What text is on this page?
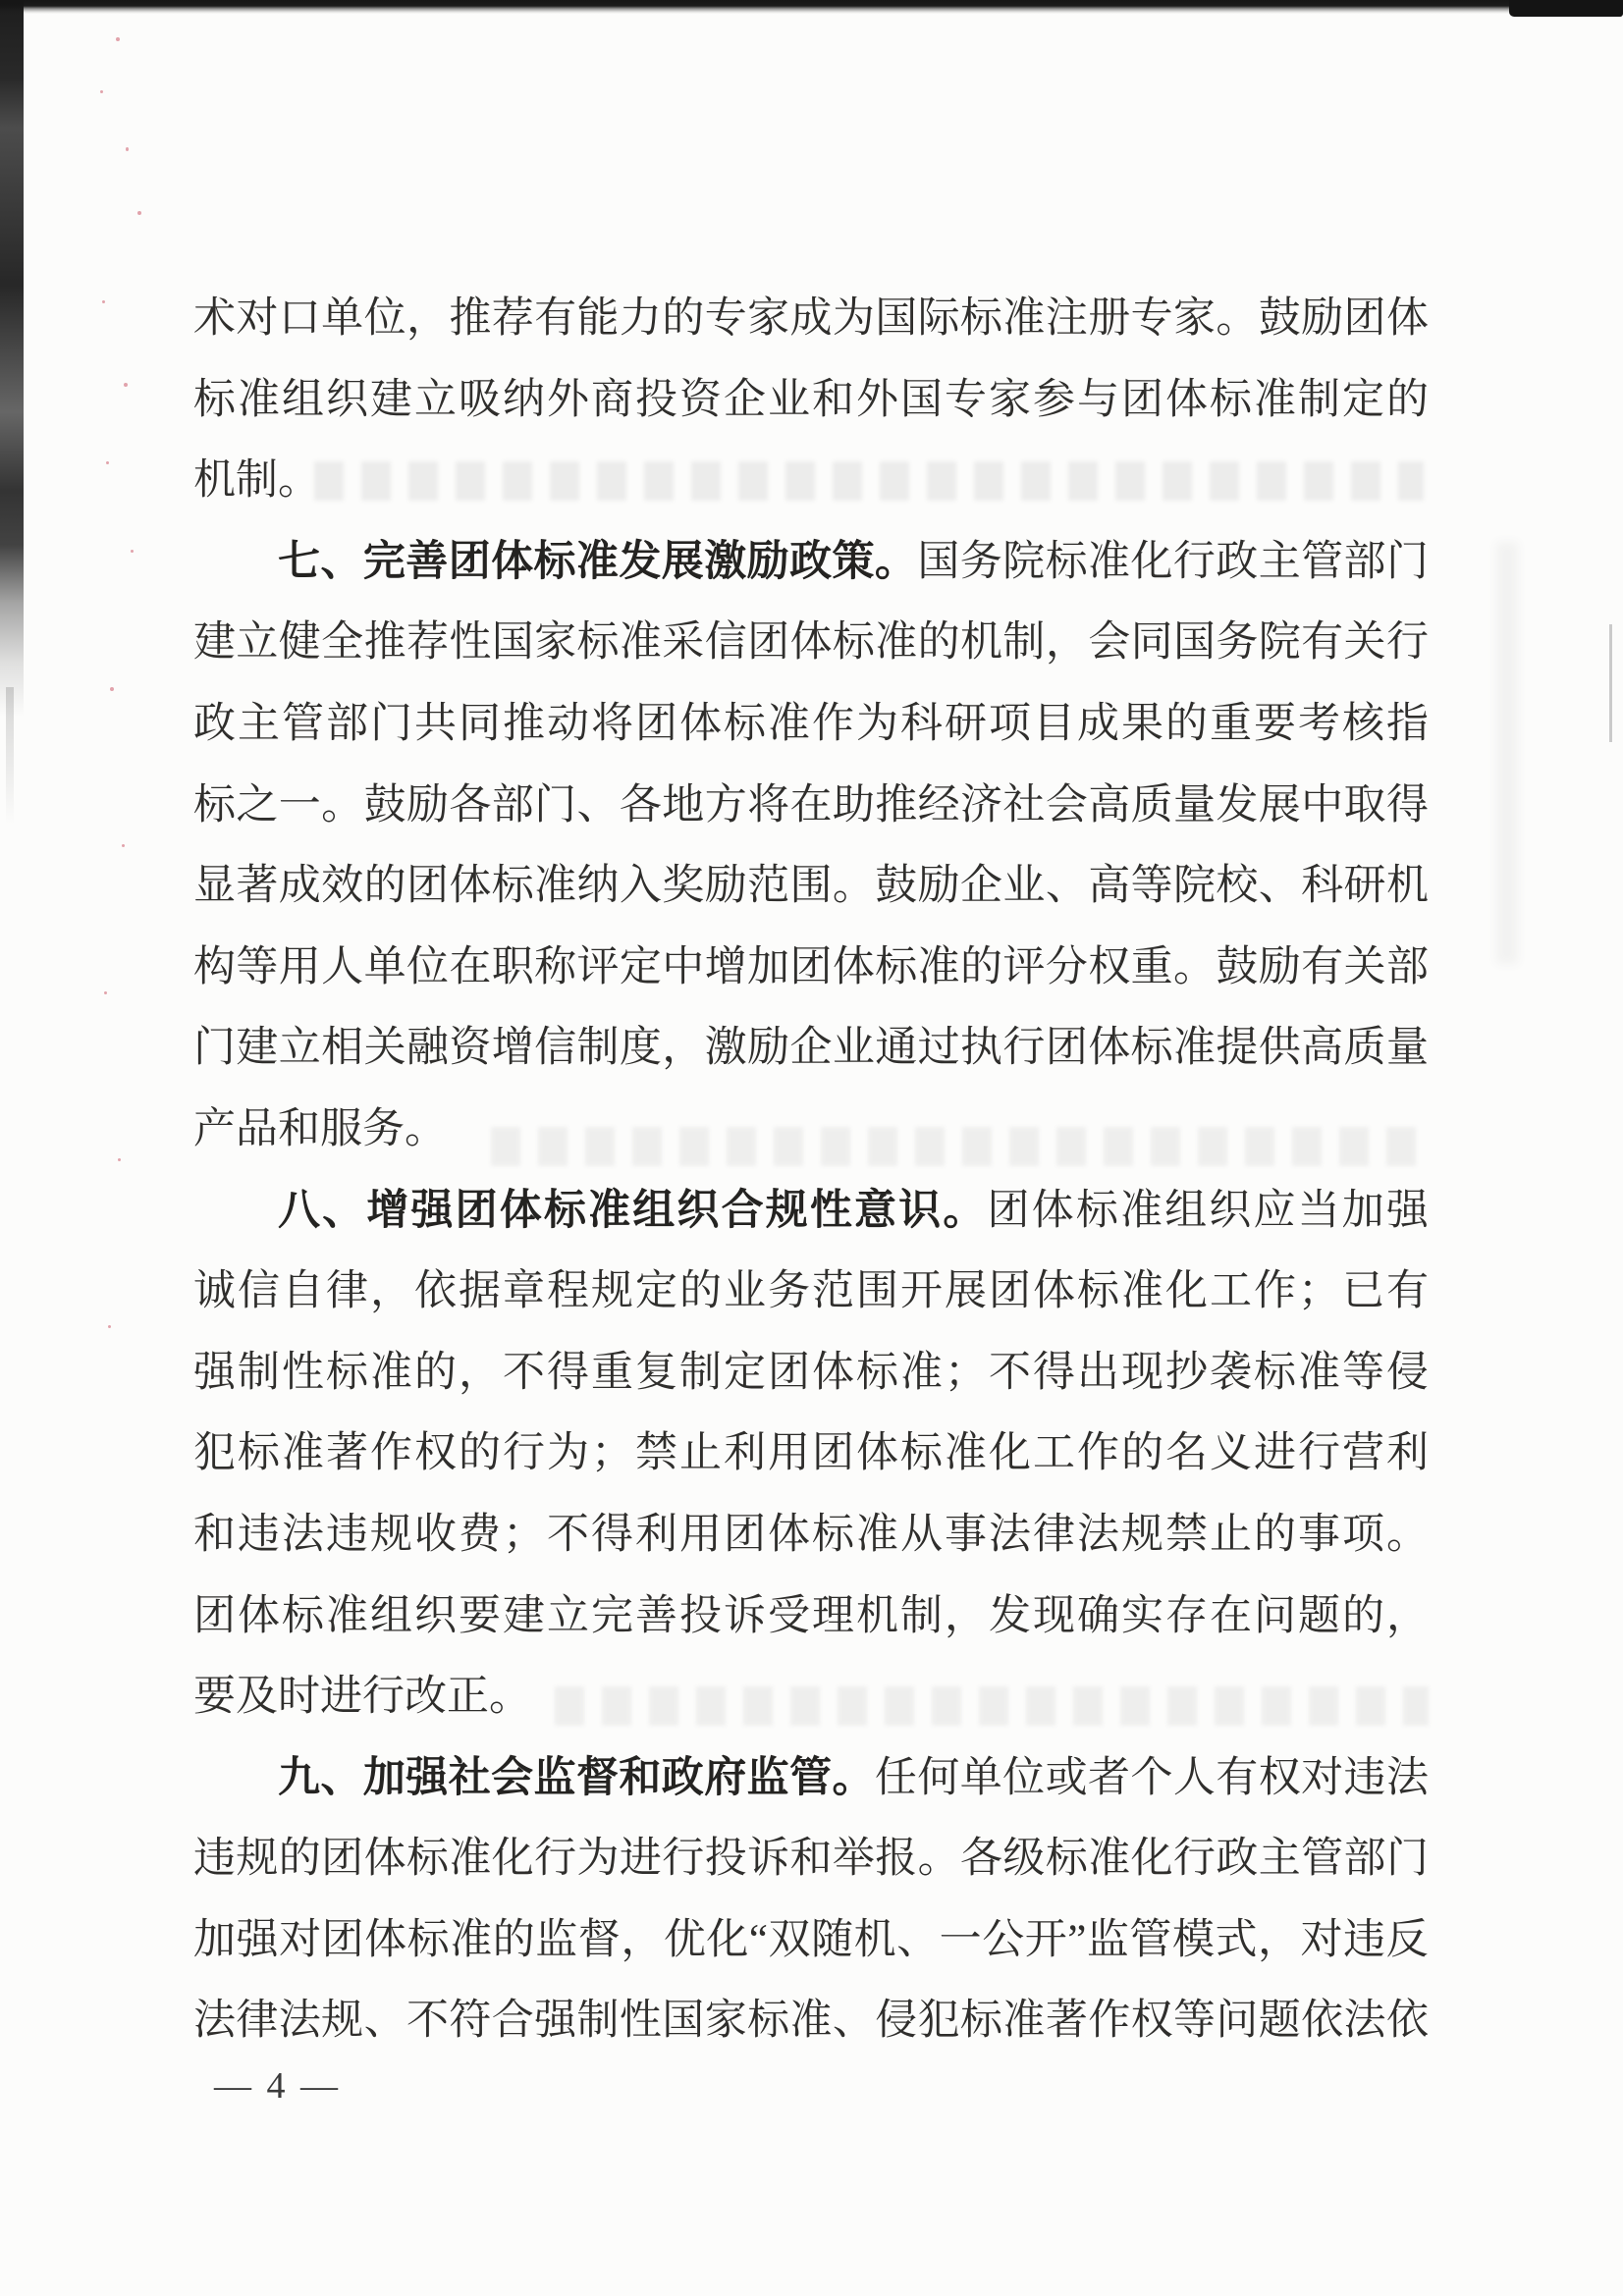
术 对 口 单 位 ， 推 荐 有 能 力 的 专 家 成 为 国 际 标 准 注 册 专 家 。 鼓 励 团 体
标 准 组 织 建 立 吸 纳 外 商 投 资 企 业 和 外 国 专 家 参 与 团 体 标 准 制 定 的
机制。
七 、 完 善 团 体 标 准 发 展 激 励 政 策 。 国 务 院 标 准 化 行 政 主 管 部 门
建 立 健 全 推 荐 性 国 家 标 准 采 信 团 体 标 准 的 机 制 ， 会 同 国 务 院 有 关 行
政 主 管 部 门 共 同 推 动 将 团 体 标 准 作 为 科 研 项 目 成 果 的 重 要 考 核 指
标 之 一 。 鼓 励 各 部 门 、 各 地 方 将 在 助 推 经 济 社 会 高 质 量 发 展 中 取 得
显 著 成 效 的 团 体 标 准 纳 入 奖 励 范 围 。 鼓 励 企 业 、 高 等 院 校 、 科 研 机
构 等 用 人 单 位 在 职 称 评 定 中 增 加 团 体 标 准 的 评 分 权 重 。 鼓 励 有 关 部
门 建 立 相 关 融 资 增 信 制 度 ， 激 励 企 业 通 过 执 行 团 体 标 准 提 供 高 质 量
产品和服务。
八 、 增 强 团 体 标 准 组 织 合 规 性 意 识 。 团 体 标 准 组 织 应 当 加 强
诚 信 自 律 ， 依 据 章 程 规 定 的 业 务 范 围 开 展 团 体 标 准 化 工 作 ； 已 有
强 制 性 标 准 的 ， 不 得 重 复 制 定 团 体 标 准 ； 不 得 出 现 抄 袭 标 准 等 侵
犯 标 准 著 作 权 的 行 为 ； 禁 止 利 用 团 体 标 准 化 工 作 的 名 义 进 行 营 利
和 违 法 违 规 收 费 ； 不 得 利 用 团 体 标 准 从 事 法 律 法 规 禁 止 的 事 项 。
团 体 标 准 组 织 要 建 立 完 善 投 诉 受 理 机 制 ， 发 现 确 实 存 在 问 题 的 ，
要及时进行改正。
九 、 加 强 社 会 监 督 和 政 府 监 管 。 任 何 单 位 或 者 个 人 有 权 对 违 法
违 规 的 团 体 标 准 化 行 为 进 行 投 诉 和 举 报 。 各 级 标 准 化 行 政 主 管 部 门
加 强 对 团 体 标 准 的 监 督 ， 优 化 “ 双 随 机 、 一 公 开 ” 监 管 模 式 ， 对 违 反
法 律 法 规 、 不 符 合 强 制 性 国 家 标 准 、 侵 犯 标 准 著 作 权 等 问 题 依 法 依
— 4 —
